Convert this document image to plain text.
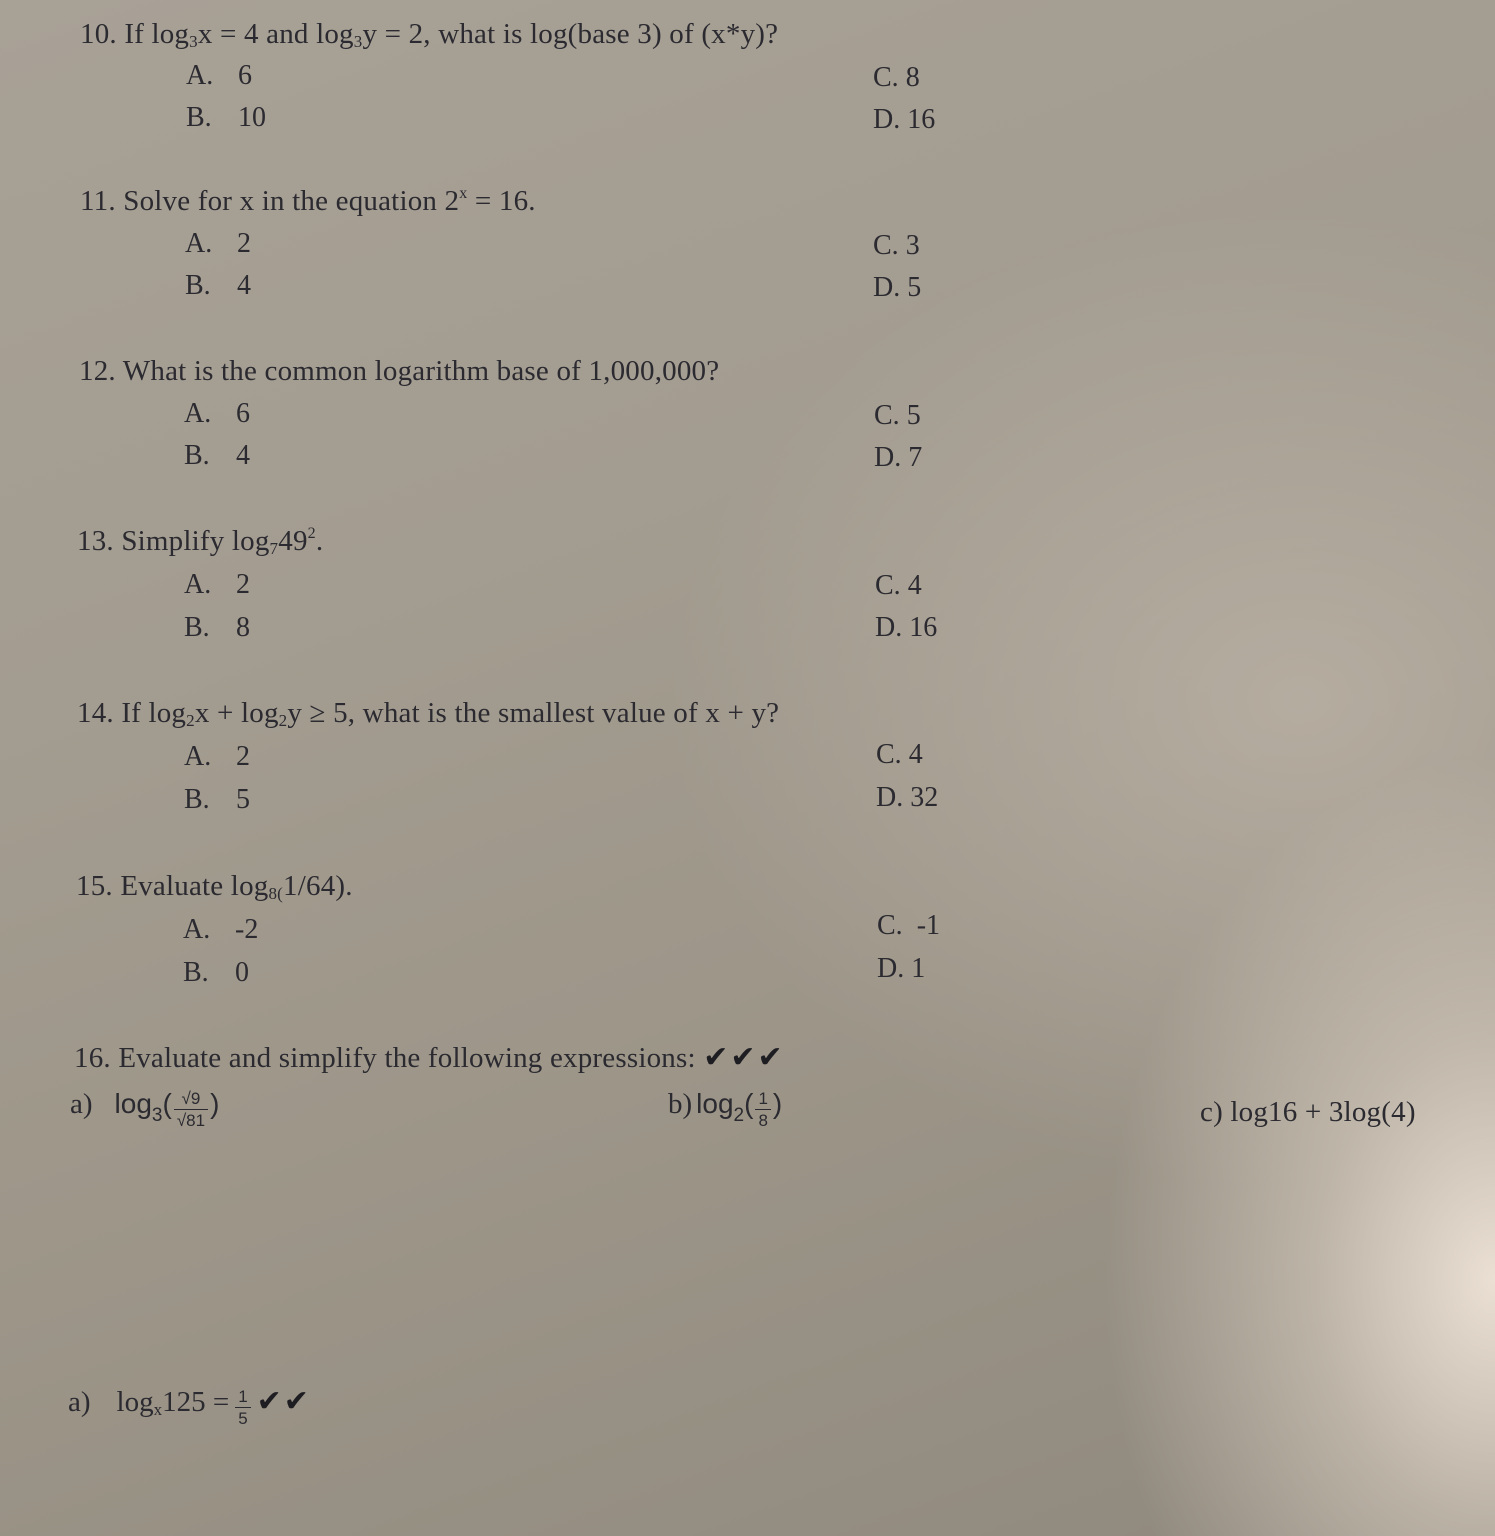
10. If $\log_3x = 4$ and $\log_3y = 2$, what is log(base 3) of (x*y)?
A. 6
B. 10
C. 8
D. 16
11. Solve for x in the equation $2^x = 16$.
A. 2
B. 4
C. 3
D. 5
12. What is the common logarithm base of 1,000,000?
A. 6
B. 4
C. 5
D. 7
13. Simplify $\log_749^2$.
A. 2
B. 8
C. 4
D. 16
14. If $\log_2x + \log_2y \ge 5$, what is the smallest value of x + y?
A. 2
B. 5
C. 4
D. 32
15. Evaluate $\log_{8(}1/64$).
A. -2
B. 0
C. -1
D. 1
16. Evaluate and simplify the following expressions: ✔✔✔
a) $\log 3( \frac{√9}{√81}$ )	b) $\log 2( \frac{1}{8}$ )	c) log16 + 3log(4)
a) $\log_x125 = \frac{1}{5}$ ✔✔
